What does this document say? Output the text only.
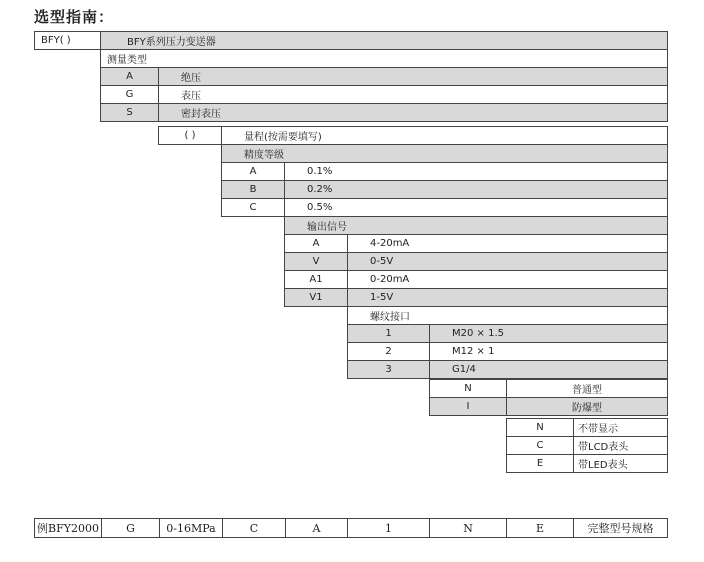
选型指南：
BFY( )	BFY系列压力变送器
测量类型
A	绝压
G	表压
S	密封表压
( )	量程(按需要填写)
精度等级
A	0.1%
B	0.2%
C	0.5%
输出信号
A	4-20mA
V	0-5V
A1	0-20mA
V1	1-5V
螺纹接口
1	M20 × 1.5
2	M12 × 1
3	G1/4
N	普通型
I	防爆型
N	不带显示
C	带LCD表头
E	带LED表头
例BFY2000	G	0-16MPa	C	A	1	N	E	完整型号规格
